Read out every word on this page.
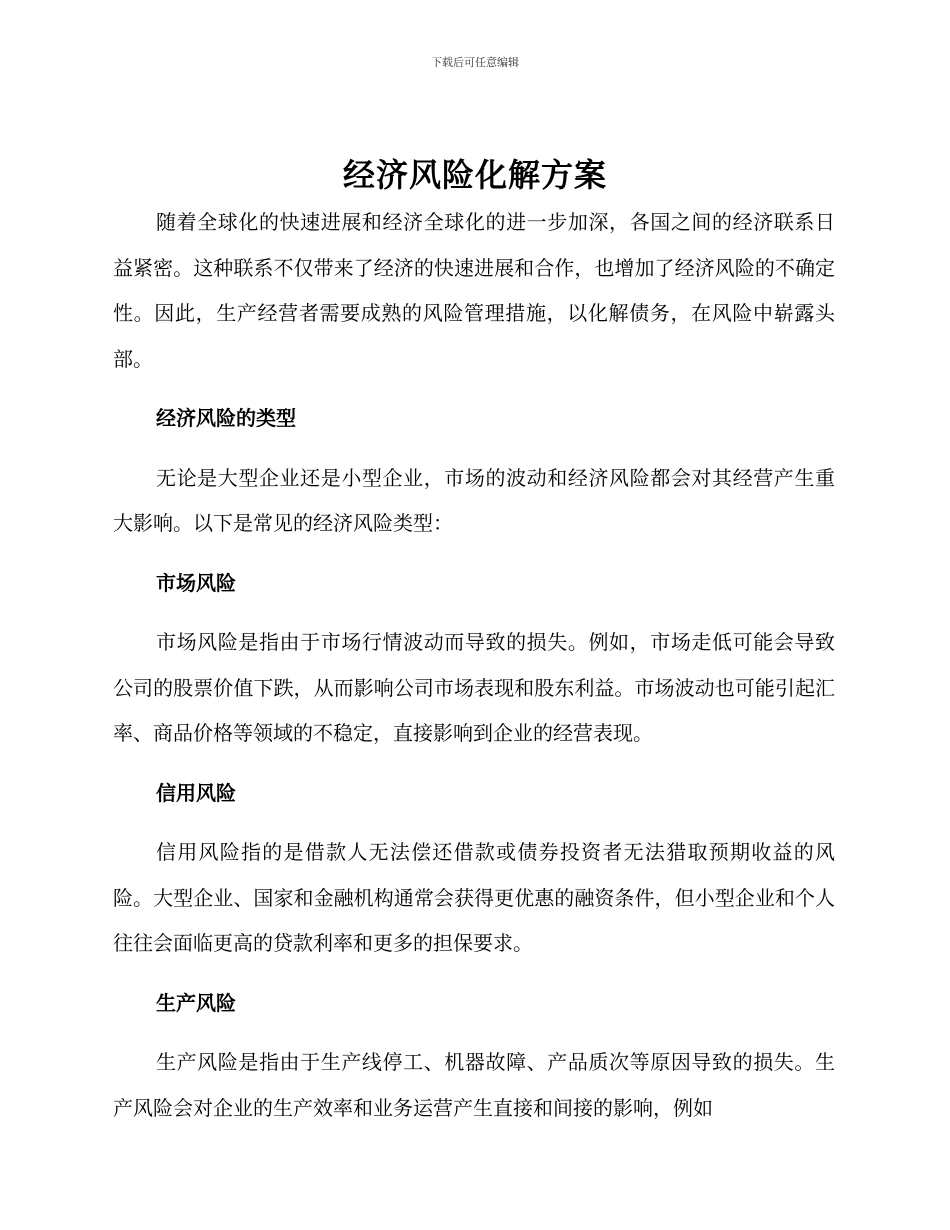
下载后可任意编辑
经济风险化解方案

随着全球化的快速进展和经济全球化的进一步加深，各国之间的经济联系日益紧密。这种联系不仅带来了经济的快速进展和合作，也增加了经济风险的不确定性。因此，生产经营者需要成熟的风险管理措施，以化解债务，在风险中崭露头部。

经济风险的类型

无论是大型企业还是小型企业，市场的波动和经济风险都会对其经营产生重大影响。以下是常见的经济风险类型：

市场风险

市场风险是指由于市场行情波动而导致的损失。例如，市场走低可能会导致公司的股票价值下跌，从而影响公司市场表现和股东利益。市场波动也可能引起汇率、商品价格等领域的不稳定，直接影响到企业的经营表现。

信用风险

信用风险指的是借款人无法偿还借款或债券投资者无法猎取预期收益的风险。大型企业、国家和金融机构通常会获得更优惠的融资条件，但小型企业和个人往往会面临更高的贷款利率和更多的担保要求。

生产风险

生产风险是指由于生产线停工、机器故障、产品质次等原因导致的损失。生产风险会对企业的生产效率和业务运营产生直接和间接的影响，例如
